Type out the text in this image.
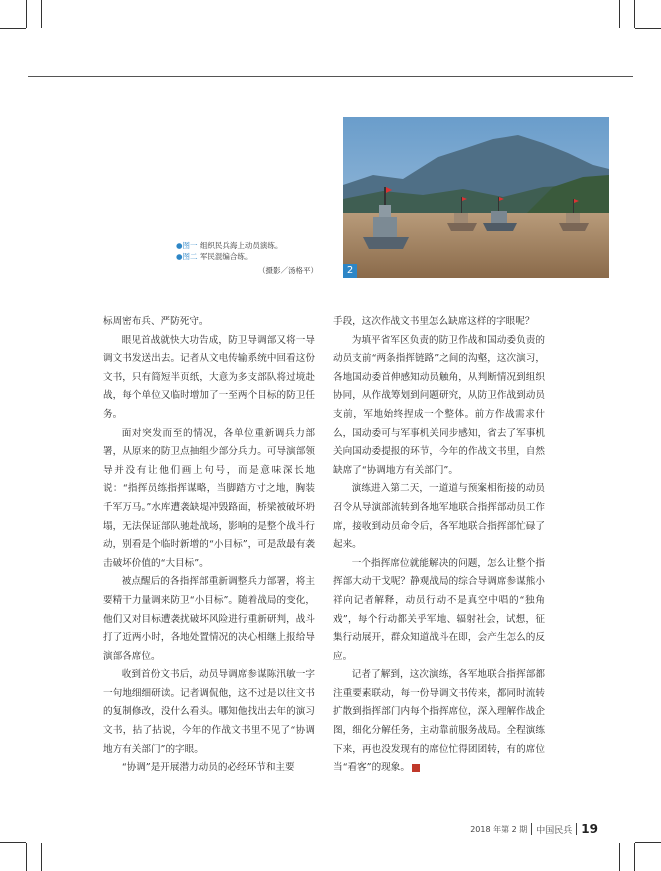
2
●图一 组织民兵海上动员演练。
●图二 军民混编合练。
（摄影／汤格平）

标周密布兵、严防死守。

眼见首战就快大功告成，防卫导调部又将一导调文书发送出去。记者从文电传输系统中回看这份文书，只有简短半页纸，大意为多支部队将过境赴战，每个单位又临时增加了一至两个目标的防卫任务。

面对突发而至的情况，各单位重新调兵力部署，从原来的防卫点抽组少部分兵力。可导演部领导并没有让他们画上句号，而是意味深长地说：“指挥员练指挥谋略，当脚踏方寸之地，胸装千军万马。”水库遭袭缺堤冲毁路面，桥梁被破坏坍塌，无法保证部队驰赴战场，影响的是整个战斗行动，别看是个临时新增的“小目标”，可是敌最有袭击破坏价值的“大目标”。

被点醒后的各指挥部重新调整兵力部署，将主要精干力量调来防卫“小目标”。随着战局的变化，他们又对目标遭袭扰破坏风险进行重新研判，战斗打了近两小时，各地处置情况的决心相继上报给导演部各席位。

收到首份文书后，动员导调席参谋陈汛敏一字一句地细细研读。记者调侃他，这不过是以往文书的复制修改，没什么看头。哪知他找出去年的演习文书，拈了拈说，今年的作战文书里不见了“协调地方有关部门”的字眼。

“协调”是开展潜力动员的必经环节和主要

手段，这次作战文书里怎么缺席这样的字眼呢？

为填平省军区负责的防卫作战和国动委负责的动员支前“两条指挥链路”之间的沟壑，这次演习，各地国动委首伸感知动员触角，从判断情况到组织协同，从作战筹划到问题研究，从防卫作战到动员支前，军地始终捏成一个整体。前方作战需求什么，国动委可与军事机关同步感知，省去了军事机关向国动委提报的环节，今年的作战文书里，自然缺席了“协调地方有关部门”。

演练进入第二天，一道道与预案相衔接的动员召令从导演部流转到各地军地联合指挥部动员工作席，接收到动员命令后，各军地联合指挥部忙碌了起来。

一个指挥席位就能解决的问题，怎么让整个指挥部大动干戈呢？静观战局的综合导调席参谋熊小祥向记者解释，动员行动不是真空中唱的“独角戏”，每个行动都关乎军地、辐射社会，试想，征集行动展开，群众知道战斗在即，会产生怎么的反应。

记者了解到，这次演练，各军地联合指挥部都注重要素联动，每一份导调文书传来，都同时流转扩散到指挥部门内每个指挥席位，深入理解作战企图，细化分解任务，主动靠前服务战局。全程演练下来，再也没发现有的席位忙得团团转，有的席位当“看客”的现象。	■

2018 年第 2 期 中国民兵 19
